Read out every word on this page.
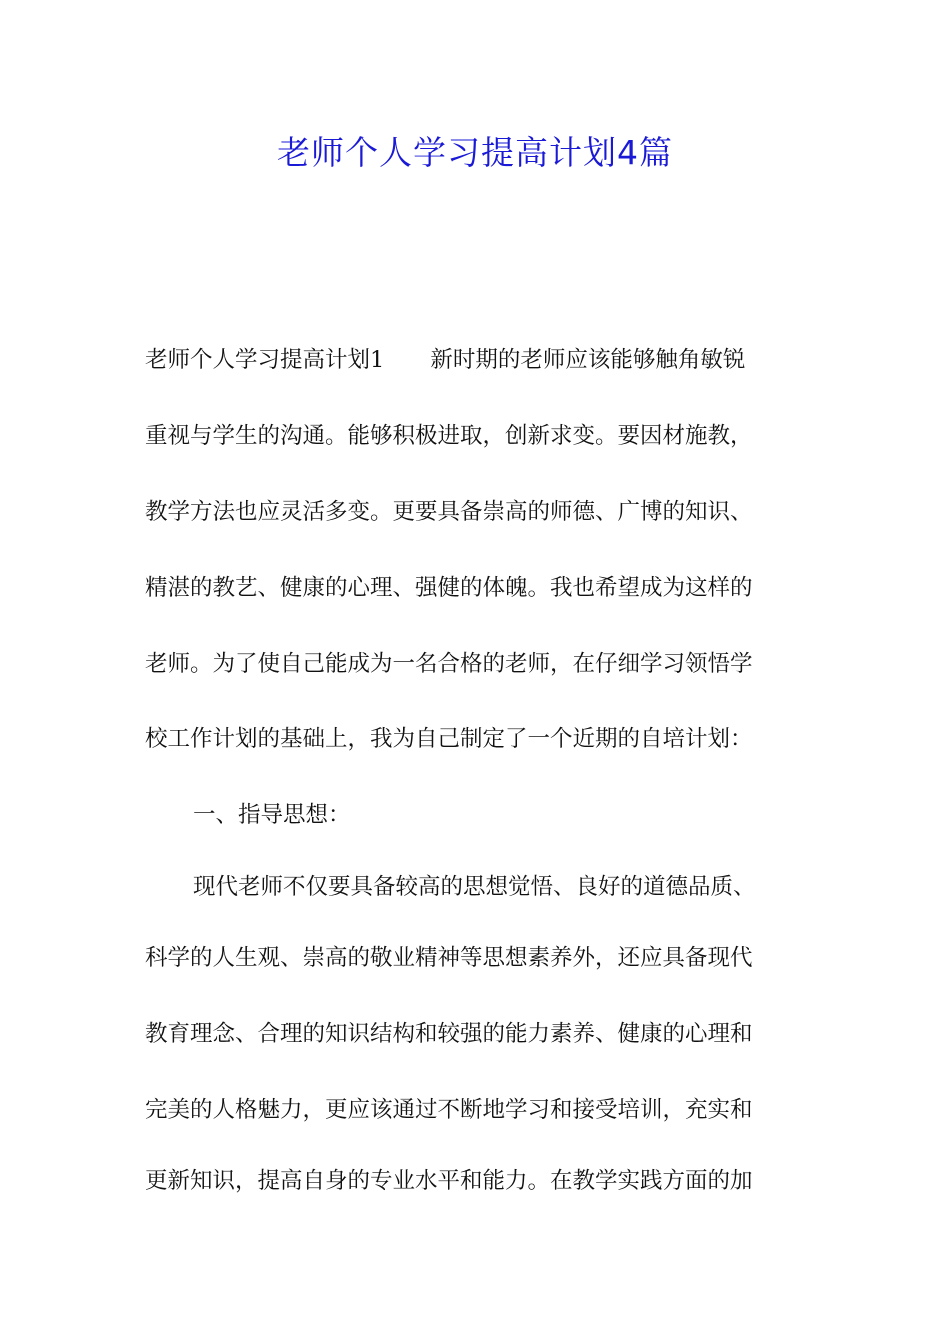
老师个人学习提高计划4篇

老师个人学习提高计划1 新时期的老师应该能够触角敏锐

重视与学生的沟通。能够积极进取，创新求变。要因材施教，

教学方法也应灵活多变。更要具备崇高的师德、广博的知识、

精湛的教艺、健康的心理、强健的体魄。我也希望成为这样的

老师。为了使自己能成为一名合格的老师，在仔细学习领悟学

校工作计划的基础上，我为自己制定了一个近期的自培计划：

一、指导思想：

现代老师不仅要具备较高的思想觉悟、良好的道德品质、

科学的人生观、崇高的敬业精神等思想素养外，还应具备现代

教育理念、合理的知识结构和较强的能力素养、健康的心理和

完美的人格魅力，更应该通过不断地学习和接受培训，充实和

更新知识，提高自身的专业水平和能力。在教学实践方面的加
